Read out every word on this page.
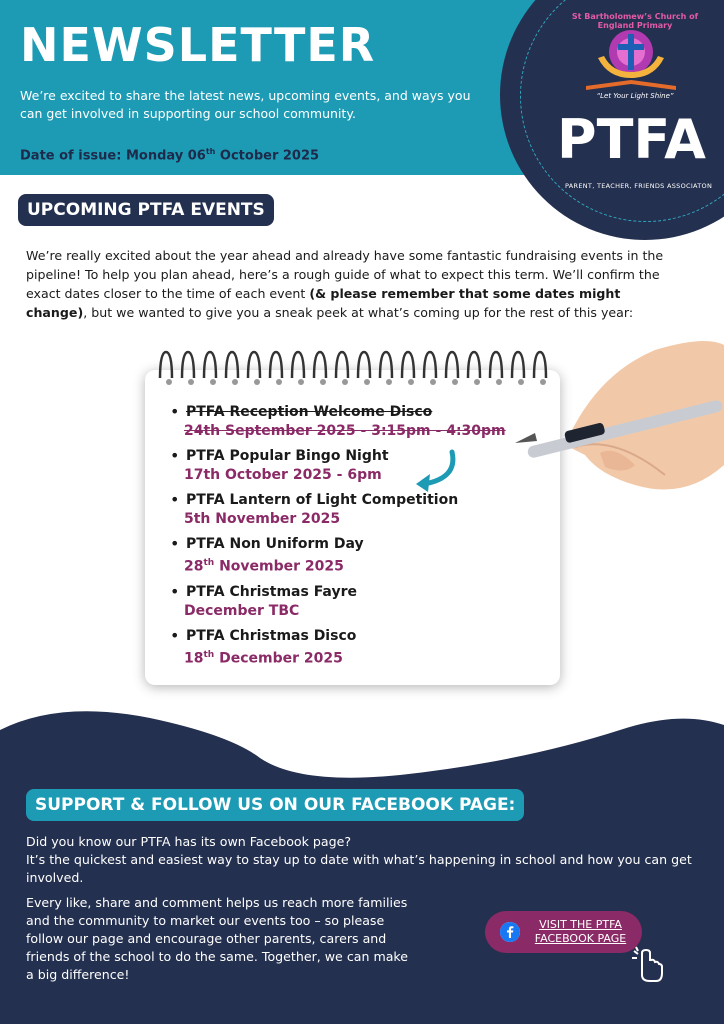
NEWSLETTER
We’re excited to share the latest news, upcoming events, and ways you can get involved in supporting our school community.
Date of issue: Monday 06th October 2025
St Bartholomew’s Church of England Primary
“Let Your Light Shine”
PTFA
PARENT, TEACHER, FRIENDS ASSOCIATON
UPCOMING PTFA EVENTS
We’re really excited about the year ahead and already have some fantastic fundraising events in the pipeline! To help you plan ahead, here’s a rough guide of what to expect this term. We’ll confirm the exact dates closer to the time of each event (& please remember that some dates might change), but we wanted to give you a sneak peek at what’s coming up for the rest of this year:
• PTFA Reception Welcome Disco
24th September 2025 - 3:15pm - 4:30pm
• PTFA Popular Bingo Night
17th October 2025 - 6pm
• PTFA Lantern of Light Competition
5th November 2025
• PTFA Non Uniform Day
28th November 2025
• PTFA Christmas Fayre
December TBC
• PTFA Christmas Disco
18th December 2025
SUPPORT & FOLLOW US ON OUR FACEBOOK PAGE:
Did you know our PTFA has its own Facebook page?
It’s the quickest and easiest way to stay up to date with what’s happening in school and how you can get involved.
Every like, share and comment helps us reach more families and the community to market our events too – so please follow our page and encourage other parents, carers and friends of the school to do the same. Together, we can make a big difference!
VISIT THE PTFA
FACEBOOK PAGE
